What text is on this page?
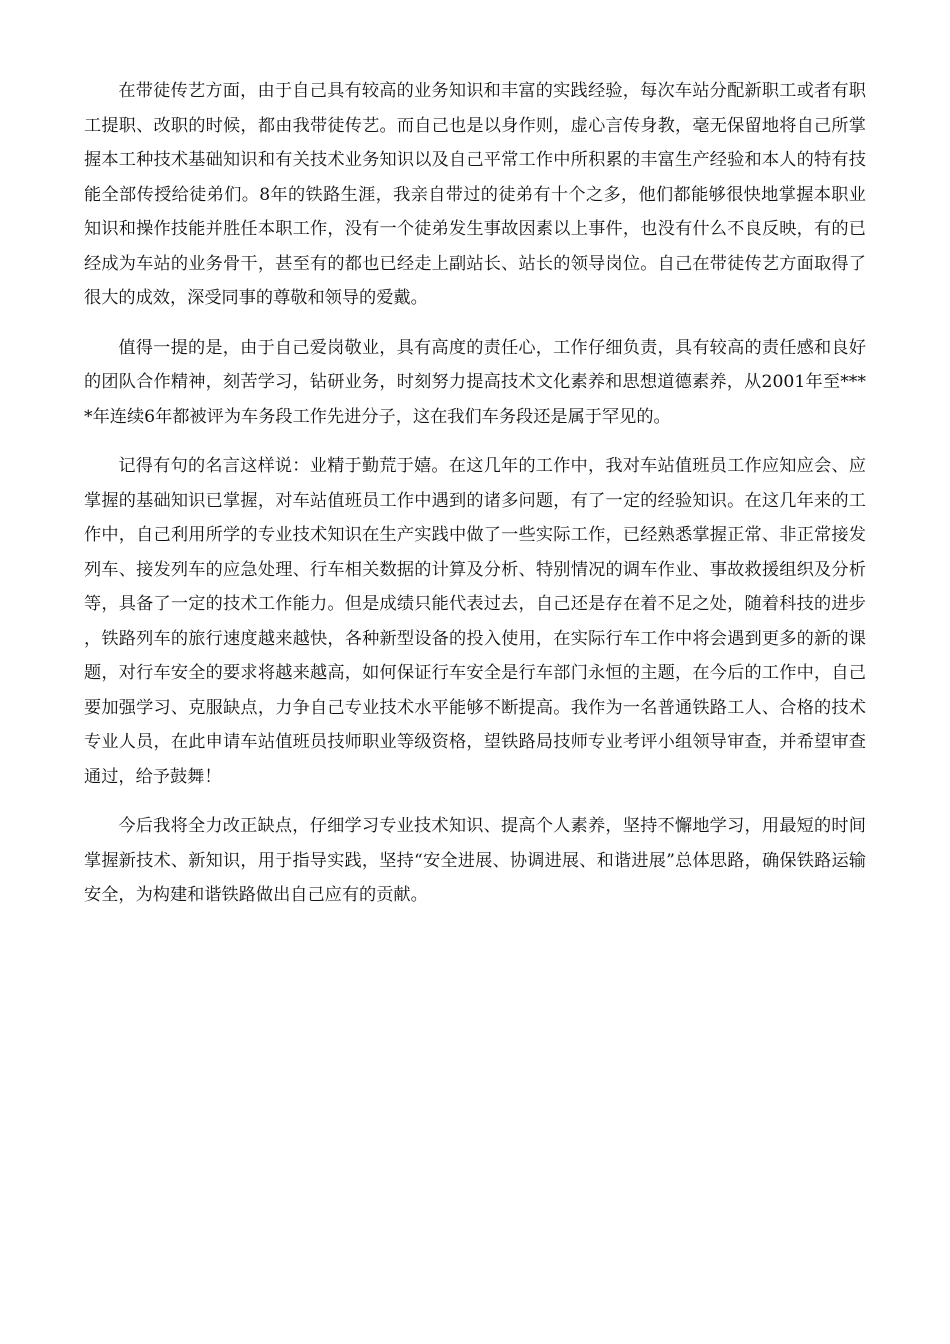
在带徒传艺方面，由于自己具有较高的业务知识和丰富的实践经验，每次车站分配新职工或者有职工提职、改职的时候，都由我带徒传艺。而自己也是以身作则，虚心言传身教，毫无保留地将自己所掌握本工种技术基础知识和有关技术业务知识以及自己平常工作中所积累的丰富生产经验和本人的特有技能全部传授给徒弟们。8年的铁路生涯，我亲自带过的徒弟有十个之多，他们都能够很快地掌握本职业知识和操作技能并胜任本职工作，没有一个徒弟发生事故因素以上事件，也没有什么不良反映，有的已经成为车站的业务骨干，甚至有的都也已经走上副站长、站长的领导岗位。自己在带徒传艺方面取得了很大的成效，深受同事的尊敬和领导的爱戴。

值得一提的是，由于自己爱岗敬业，具有高度的责任心，工作仔细负责，具有较高的责任感和良好的团队合作精神，刻苦学习，钻研业务，时刻努力提高技术文化素养和思想道德素养，从2001年至****年连续6年都被评为车务段工作先进分子，这在我们车务段还是属于罕见的。

记得有句的名言这样说：业精于勤荒于嬉。在这几年的工作中，我对车站值班员工作应知应会、应掌握的基础知识已掌握，对车站值班员工作中遇到的诸多问题，有了一定的经验知识。在这几年来的工作中，自己利用所学的专业技术知识在生产实践中做了一些实际工作，已经熟悉掌握正常、非正常接发列车、接发列车的应急处理、行车相关数据的计算及分析、特别情况的调车作业、事故救援组织及分析等，具备了一定的技术工作能力。但是成绩只能代表过去，自己还是存在着不足之处，随着科技的进步，铁路列车的旅行速度越来越快，各种新型设备的投入使用，在实际行车工作中将会遇到更多的新的课题，对行车安全的要求将越来越高，如何保证行车安全是行车部门永恒的主题，在今后的工作中，自己要加强学习、克服缺点，力争自己专业技术水平能够不断提高。我作为一名普通铁路工人、合格的技术专业人员，在此申请车站值班员技师职业等级资格，望铁路局技师专业考评小组领导审查，并希望审查通过，给予鼓舞！

今后我将全力改正缺点，仔细学习专业技术知识、提高个人素养，坚持不懈地学习，用最短的时间掌握新技术、新知识，用于指导实践，坚持“安全进展、协调进展、和谐进展”总体思路，确保铁路运输安全，为构建和谐铁路做出自己应有的贡献。
